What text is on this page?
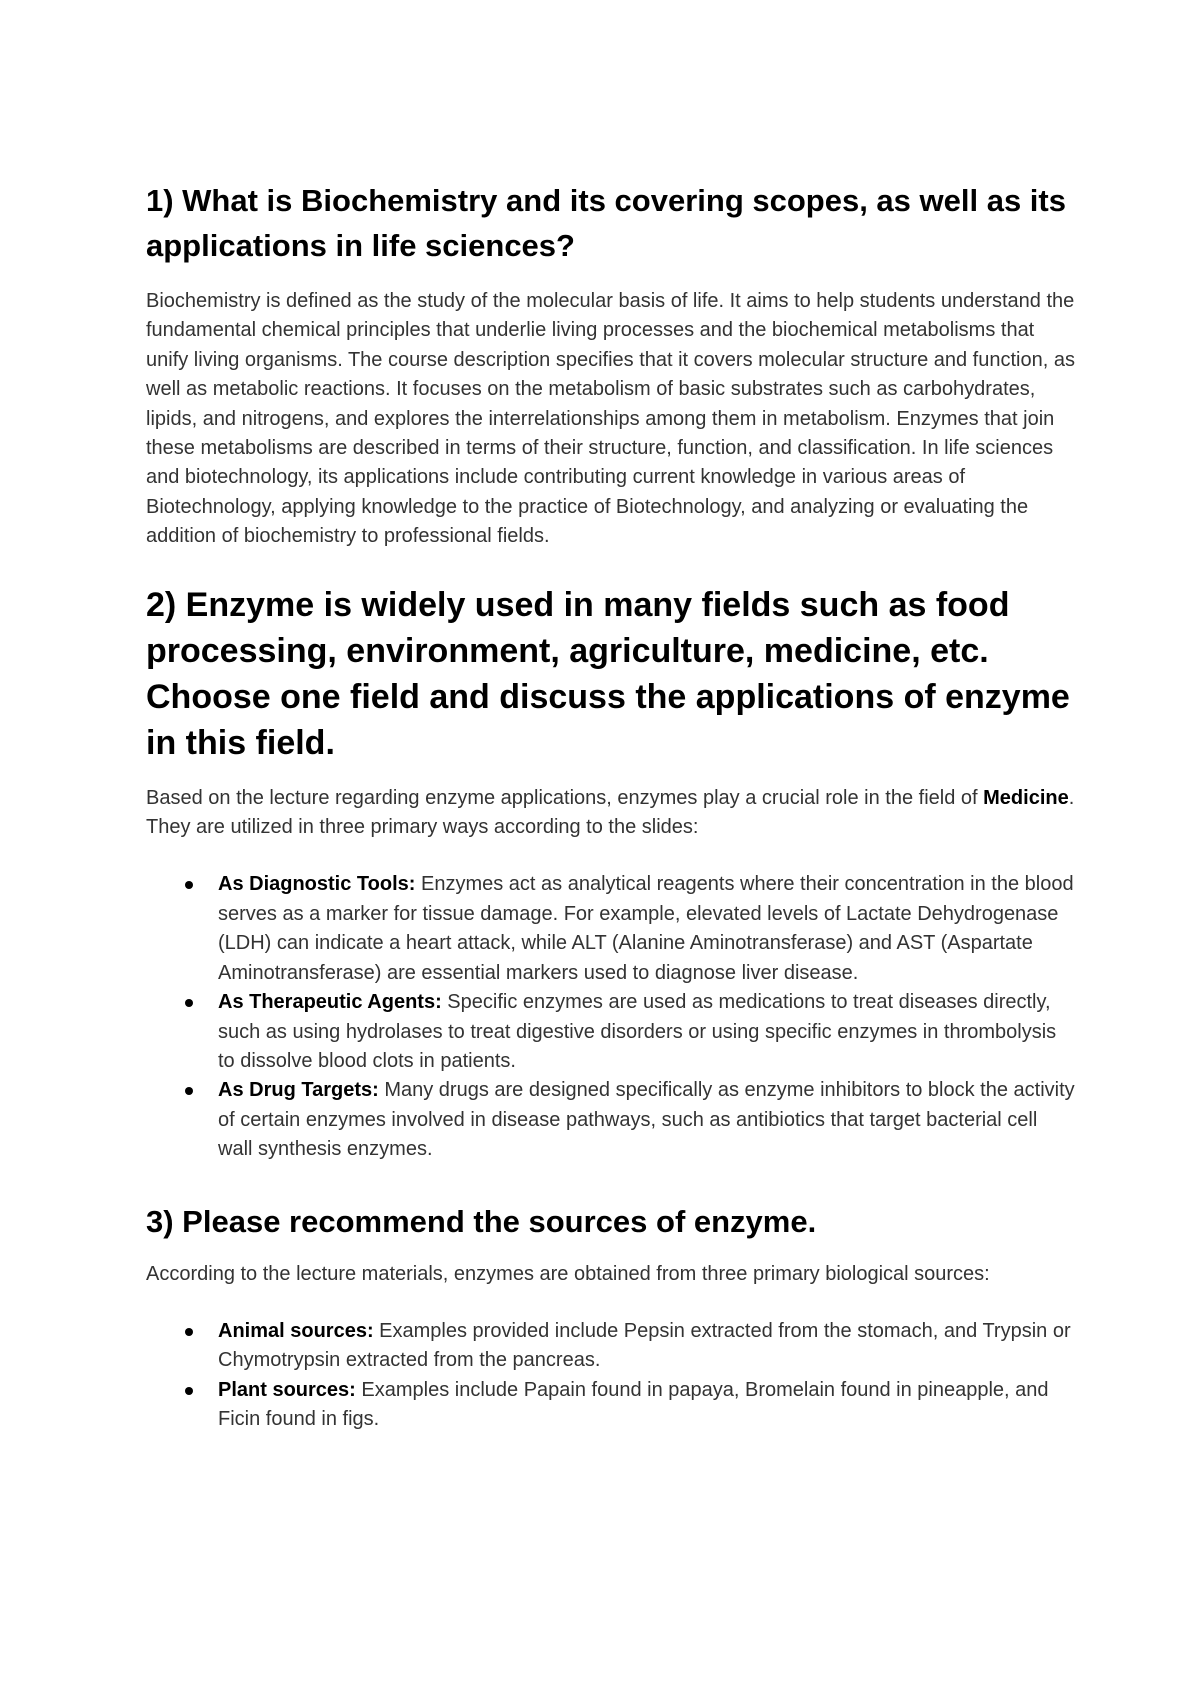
1) What is Biochemistry and its covering scopes, as well as its applications in life sciences?

Biochemistry is defined as the study of the molecular basis of life. It aims to help students understand the fundamental chemical principles that underlie living processes and the biochemical metabolisms that unify living organisms. The course description specifies that it covers molecular structure and function, as well as metabolic reactions. It focuses on the metabolism of basic substrates such as carbohydrates, lipids, and nitrogens, and explores the interrelationships among them in metabolism. Enzymes that join these metabolisms are described in terms of their structure, function, and classification. In life sciences and biotechnology, its applications include contributing current knowledge in various areas of Biotechnology, applying knowledge to the practice of Biotechnology, and analyzing or evaluating the addition of biochemistry to professional fields.

2) Enzyme is widely used in many fields such as food processing, environment, agriculture, medicine, etc. Choose one field and discuss the applications of enzyme in this field.

Based on the lecture regarding enzyme applications, enzymes play a crucial role in the field of Medicine. They are utilized in three primary ways according to the slides:

As Diagnostic Tools: Enzymes act as analytical reagents where their concentration in the blood serves as a marker for tissue damage. For example, elevated levels of Lactate Dehydrogenase (LDH) can indicate a heart attack, while ALT (Alanine Aminotransferase) and AST (Aspartate Aminotransferase) are essential markers used to diagnose liver disease.
As Therapeutic Agents: Specific enzymes are used as medications to treat diseases directly, such as using hydrolases to treat digestive disorders or using specific enzymes in thrombolysis to dissolve blood clots in patients.
As Drug Targets: Many drugs are designed specifically as enzyme inhibitors to block the activity of certain enzymes involved in disease pathways, such as antibiotics that target bacterial cell wall synthesis enzymes.
3) Please recommend the sources of enzyme.

According to the lecture materials, enzymes are obtained from three primary biological sources:

Animal sources: Examples provided include Pepsin extracted from the stomach, and Trypsin or Chymotrypsin extracted from the pancreas.
Plant sources: Examples include Papain found in papaya, Bromelain found in pineapple, and Ficin found in figs.
